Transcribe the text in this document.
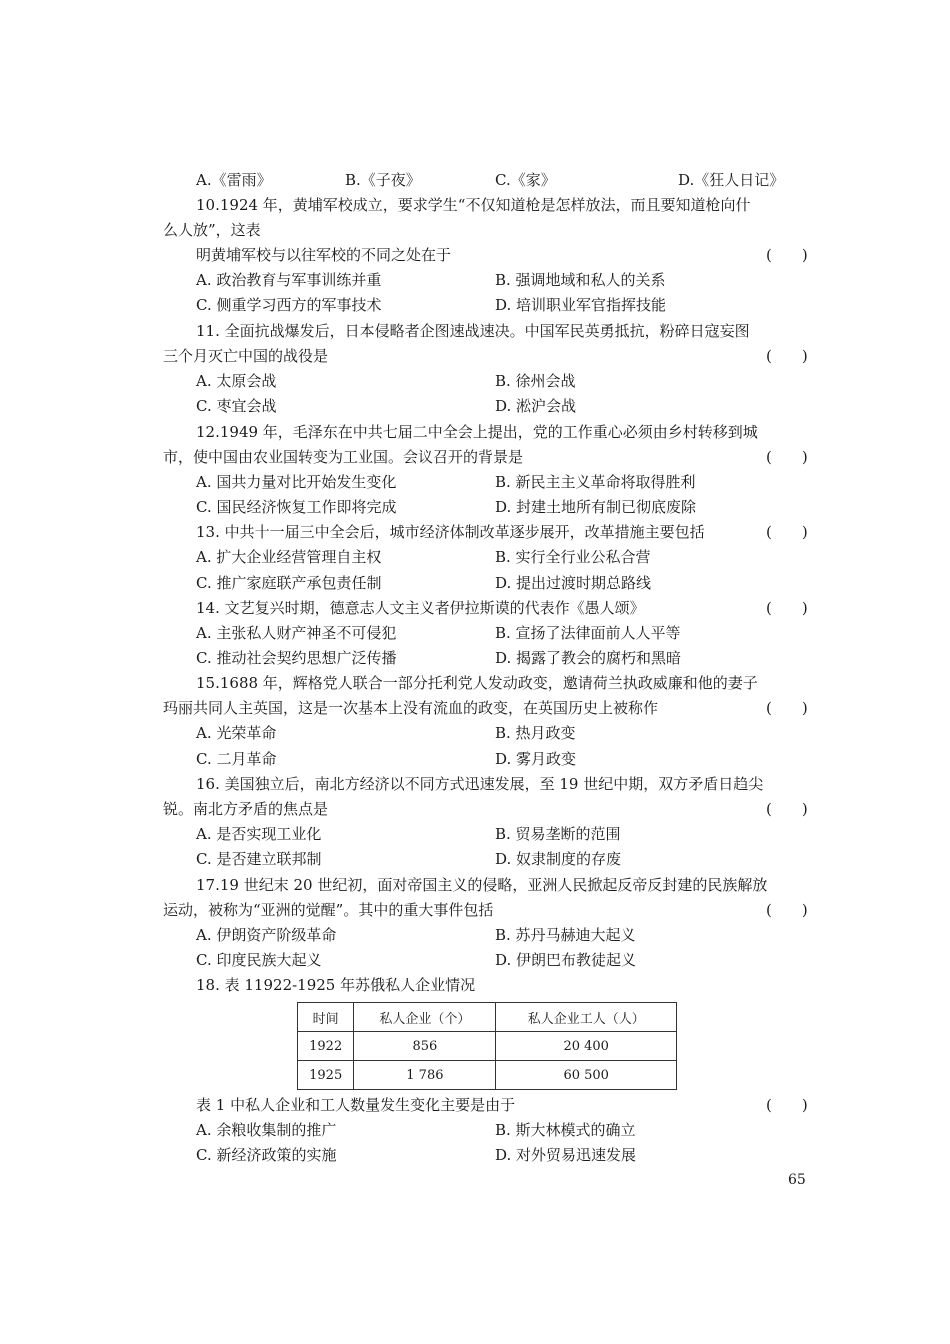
A.《雷雨》	B.《子夜》	C.《家》	D.《狂人日记》
10.1924 年，黄埔军校成立，要求学生“不仅知道枪是怎样放法，而且要知道枪向什
么人放”，这表
明黄埔军校与以往军校的不同之处在于	(　　)
A. 政治教育与军事训练并重	B. 强调地域和私人的关系
C. 侧重学习西方的军事技术	D. 培训职业军官指挥技能
11. 全面抗战爆发后，日本侵略者企图速战速决。中国军民英勇抵抗，粉碎日寇妄图
三个月灭亡中国的战役是	(　　)
A. 太原会战	B. 徐州会战
C. 枣宜会战	D. 淞沪会战
12.1949 年，毛泽东在中共七届二中全会上提出，党的工作重心必须由乡村转移到城
市，使中国由农业国转变为工业国。会议召开的背景是	(　　)
A. 国共力量对比开始发生变化	B. 新民主主义革命将取得胜利
C. 国民经济恢复工作即将完成	D. 封建土地所有制已彻底废除
13. 中共十一届三中全会后，城市经济体制改革逐步展开，改革措施主要包括	(　　)
A. 扩大企业经营管理自主权	B. 实行全行业公私合营
C. 推广家庭联产承包责任制	D. 提出过渡时期总路线
14. 文艺复兴时期，德意志人文主义者伊拉斯谟的代表作《愚人颂》	(　　)
A. 主张私人财产神圣不可侵犯	B. 宣扬了法律面前人人平等
C. 推动社会契约思想广泛传播	D. 揭露了教会的腐朽和黑暗
15.1688 年，辉格党人联合一部分托利党人发动政变，邀请荷兰执政威廉和他的妻子
玛丽共同人主英国，这是一次基本上没有流血的政变，在英国历史上被称作	(　　)
A. 光荣革命	B. 热月政变
C. 二月革命	D. 雾月政变
16. 美国独立后，南北方经济以不同方式迅速发展，至 19 世纪中期，双方矛盾日趋尖
锐。南北方矛盾的焦点是	(　　)
A. 是否实现工业化	B. 贸易垄断的范围
C. 是否建立联邦制	D. 奴隶制度的存废
17.19 世纪末 20 世纪初，面对帝国主义的侵略，亚洲人民掀起反帝反封建的民族解放
运动，被称为“亚洲的觉醒”。其中的重大事件包括	(　　)
A. 伊朗资产阶级革命	B. 苏丹马赫迪大起义
C. 印度民族大起义	D. 伊朗巴布教徒起义
18. 表 11922-1925 年苏俄私人企业情况
时间	私人企业（个）	私人企业工人（人）
1922	856	20 400
1925	1 786	60 500
表 1 中私人企业和工人数量发生变化主要是由于	(　　)
A. 余粮收集制的推广	B. 斯大林模式的确立
C. 新经济政策的实施	D. 对外贸易迅速发展
65
